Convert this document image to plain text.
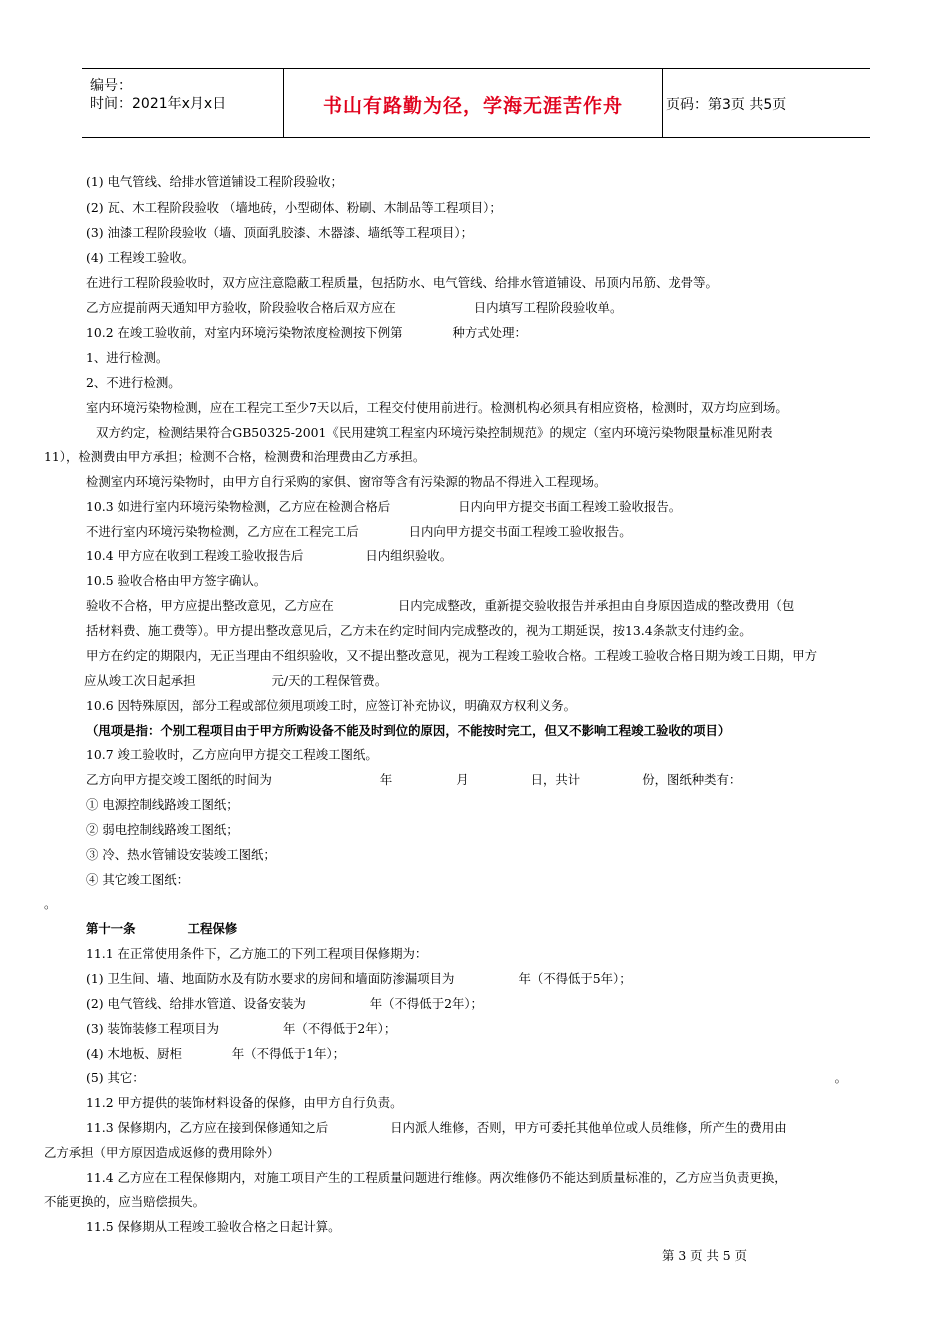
编号：
时间：2021年x月x日	书山有路勤为径，学海无涯苦作舟	页码：第3页 共5页
(1) 电气管线、给排水管道铺设工程阶段验收；
(2) 瓦、木工程阶段验收 （墙地砖，小型砌体、粉刷、木制品等工程项目）；
(3) 油漆工程阶段验收（墙、顶面乳胶漆、木器漆、墙纸等工程项目）；
(4) 工程竣工验收。
在进行工程阶段验收时，双方应注意隐蔽工程质量，包括防水、电气管线、给排水管道铺设、吊顶内吊筋、龙骨等。
乙方应提前两天通知甲方验收，阶段验收合格后双方应在	日内填写工程阶段验收单。
10.2 在竣工验收前，对室内环境污染物浓度检测按下例第	种方式处理：
1、进行检测。
2、不进行检测。
室内环境污染物检测，应在工程完工至少7天以后，工程交付使用前进行。检测机构必须具有相应资格，检测时，双方均应到场。
双方约定，检测结果符合GB50325-2001《民用建筑工程室内环境污染控制规范》的规定（室内环境污染物限量标准见附表
11），检测费由甲方承担；检测不合格，检测费和治理费由乙方承担。
检测室内环境污染物时，由甲方自行采购的家俱、窗帘等含有污染源的物品不得进入工程现场。
10.3 如进行室内环境污染物检测，乙方应在检测合格后	日内向甲方提交书面工程竣工验收报告。
不进行室内环境污染物检测，乙方应在工程完工后	日内向甲方提交书面工程竣工验收报告。
10.4 甲方应在收到工程竣工验收报告后	日内组织验收。
10.5 验收合格由甲方签字确认。
验收不合格，甲方应提出整改意见，乙方应在	日内完成整改，重新提交验收报告并承担由自身原因造成的整改费用（包
括材料费、施工费等）。甲方提出整改意见后，乙方未在约定时间内完成整改的，视为工期延误，按13.4条款支付违约金。
甲方在约定的期限内，无正当理由不组织验收，又不提出整改意见，视为工程竣工验收合格。工程竣工验收合格日期为竣工日期，甲方
应从竣工次日起承担	元/天的工程保管费。
10.6 因特殊原因，部分工程或部位须甩项竣工时，应签订补充协议，明确双方权利义务。
（甩项是指：个别工程项目由于甲方所购设备不能及时到位的原因，不能按时完工，但又不影响工程竣工验收的项目）
10.7 竣工验收时，乙方应向甲方提交工程竣工图纸。
乙方向甲方提交竣工图纸的时间为	年	月	日，共计	份，图纸种类有：
① 电源控制线路竣工图纸；
② 弱电控制线路竣工图纸；
③ 冷、热水管铺设安装竣工图纸；
④ 其它竣工图纸：
。
第十一条	工程保修
11.1 在正常使用条件下，乙方施工的下列工程项目保修期为：
(1) 卫生间、墙、地面防水及有防水要求的房间和墙面防渗漏项目为	年（不得低于5年）；
(2) 电气管线、给排水管道、设备安装为	年（不得低于2年）；
(3) 装饰装修工程项目为	年（不得低于2年）；
(4) 木地板、厨柜	年（不得低于1年）；
(5) 其它：	。
11.2 甲方提供的装饰材料设备的保修，由甲方自行负责。
11.3 保修期内，乙方应在接到保修通知之后	日内派人维修，否则，甲方可委托其他单位或人员维修，所产生的费用由
乙方承担（甲方原因造成返修的费用除外）
11.4 乙方应在工程保修期内，对施工项目产生的工程质量问题进行维修。两次维修仍不能达到质量标准的，乙方应当负责更换，
不能更换的，应当赔偿损失。
11.5 保修期从工程竣工验收合格之日起计算。
第 3 页 共 5 页
